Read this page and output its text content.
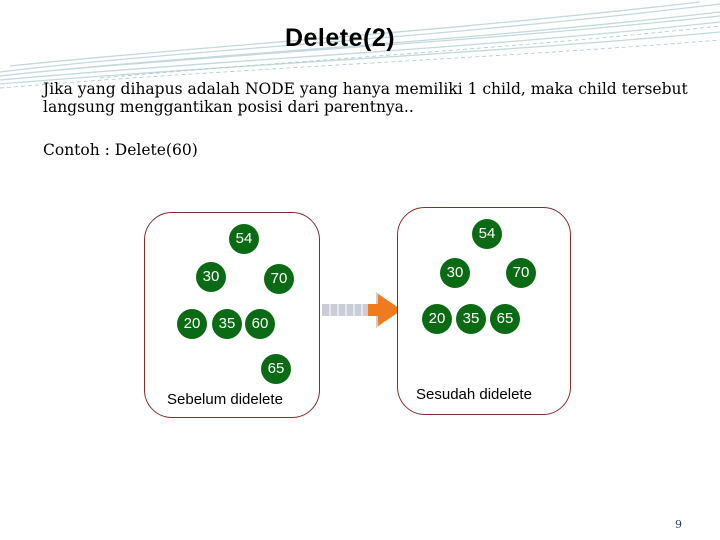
Delete(2)
Jika yang dihapus adalah NODE yang hanya memiliki 1 child, maka child tersebut langsung menggantikan posisi dari parentnya..
Contoh : Delete(60)
54
30	70
20	35	60
65
Sebelum didelete
54
30	70
20	35	65
Sesudah didelete
9
